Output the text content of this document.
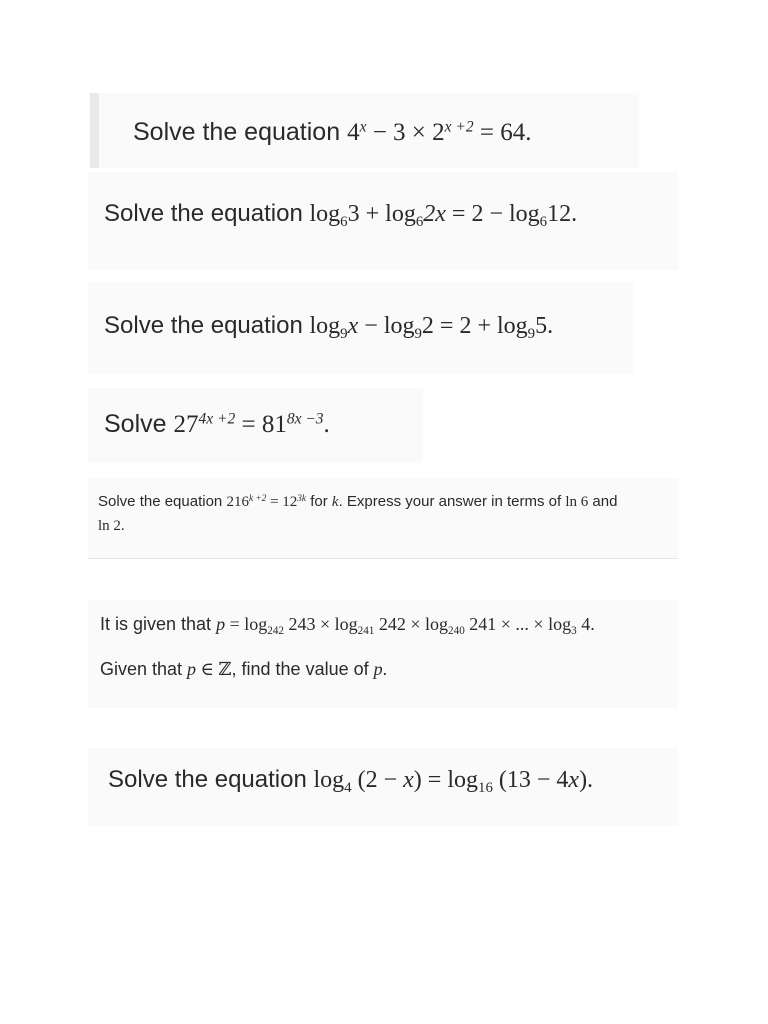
Solve the equation $4^x - 3 \times 2^{x +2} = 64$.
Solve the equation $\log_63 + \log_62x = 2 - \log_612$.
Solve the equation $\log_9x - \log_92 = 2 + \log_95$.
Solve $27^{4x +2} = 81^{8x -3}$.
Solve the equation $216^{k +2} = 12^{3k}$ for k. Express your answer in terms of ln 6 and
ln 2.
It is given that $p = \log_{242} 243 \times \log_{241} 242 \times \log_{240} 241$ × ... × $\log_3 4$.
Given that p ∈ ℤ, find the value of p.
Solve the equation $\log_4 (2 - x) = \log_{16} (13 - 4x)$.
